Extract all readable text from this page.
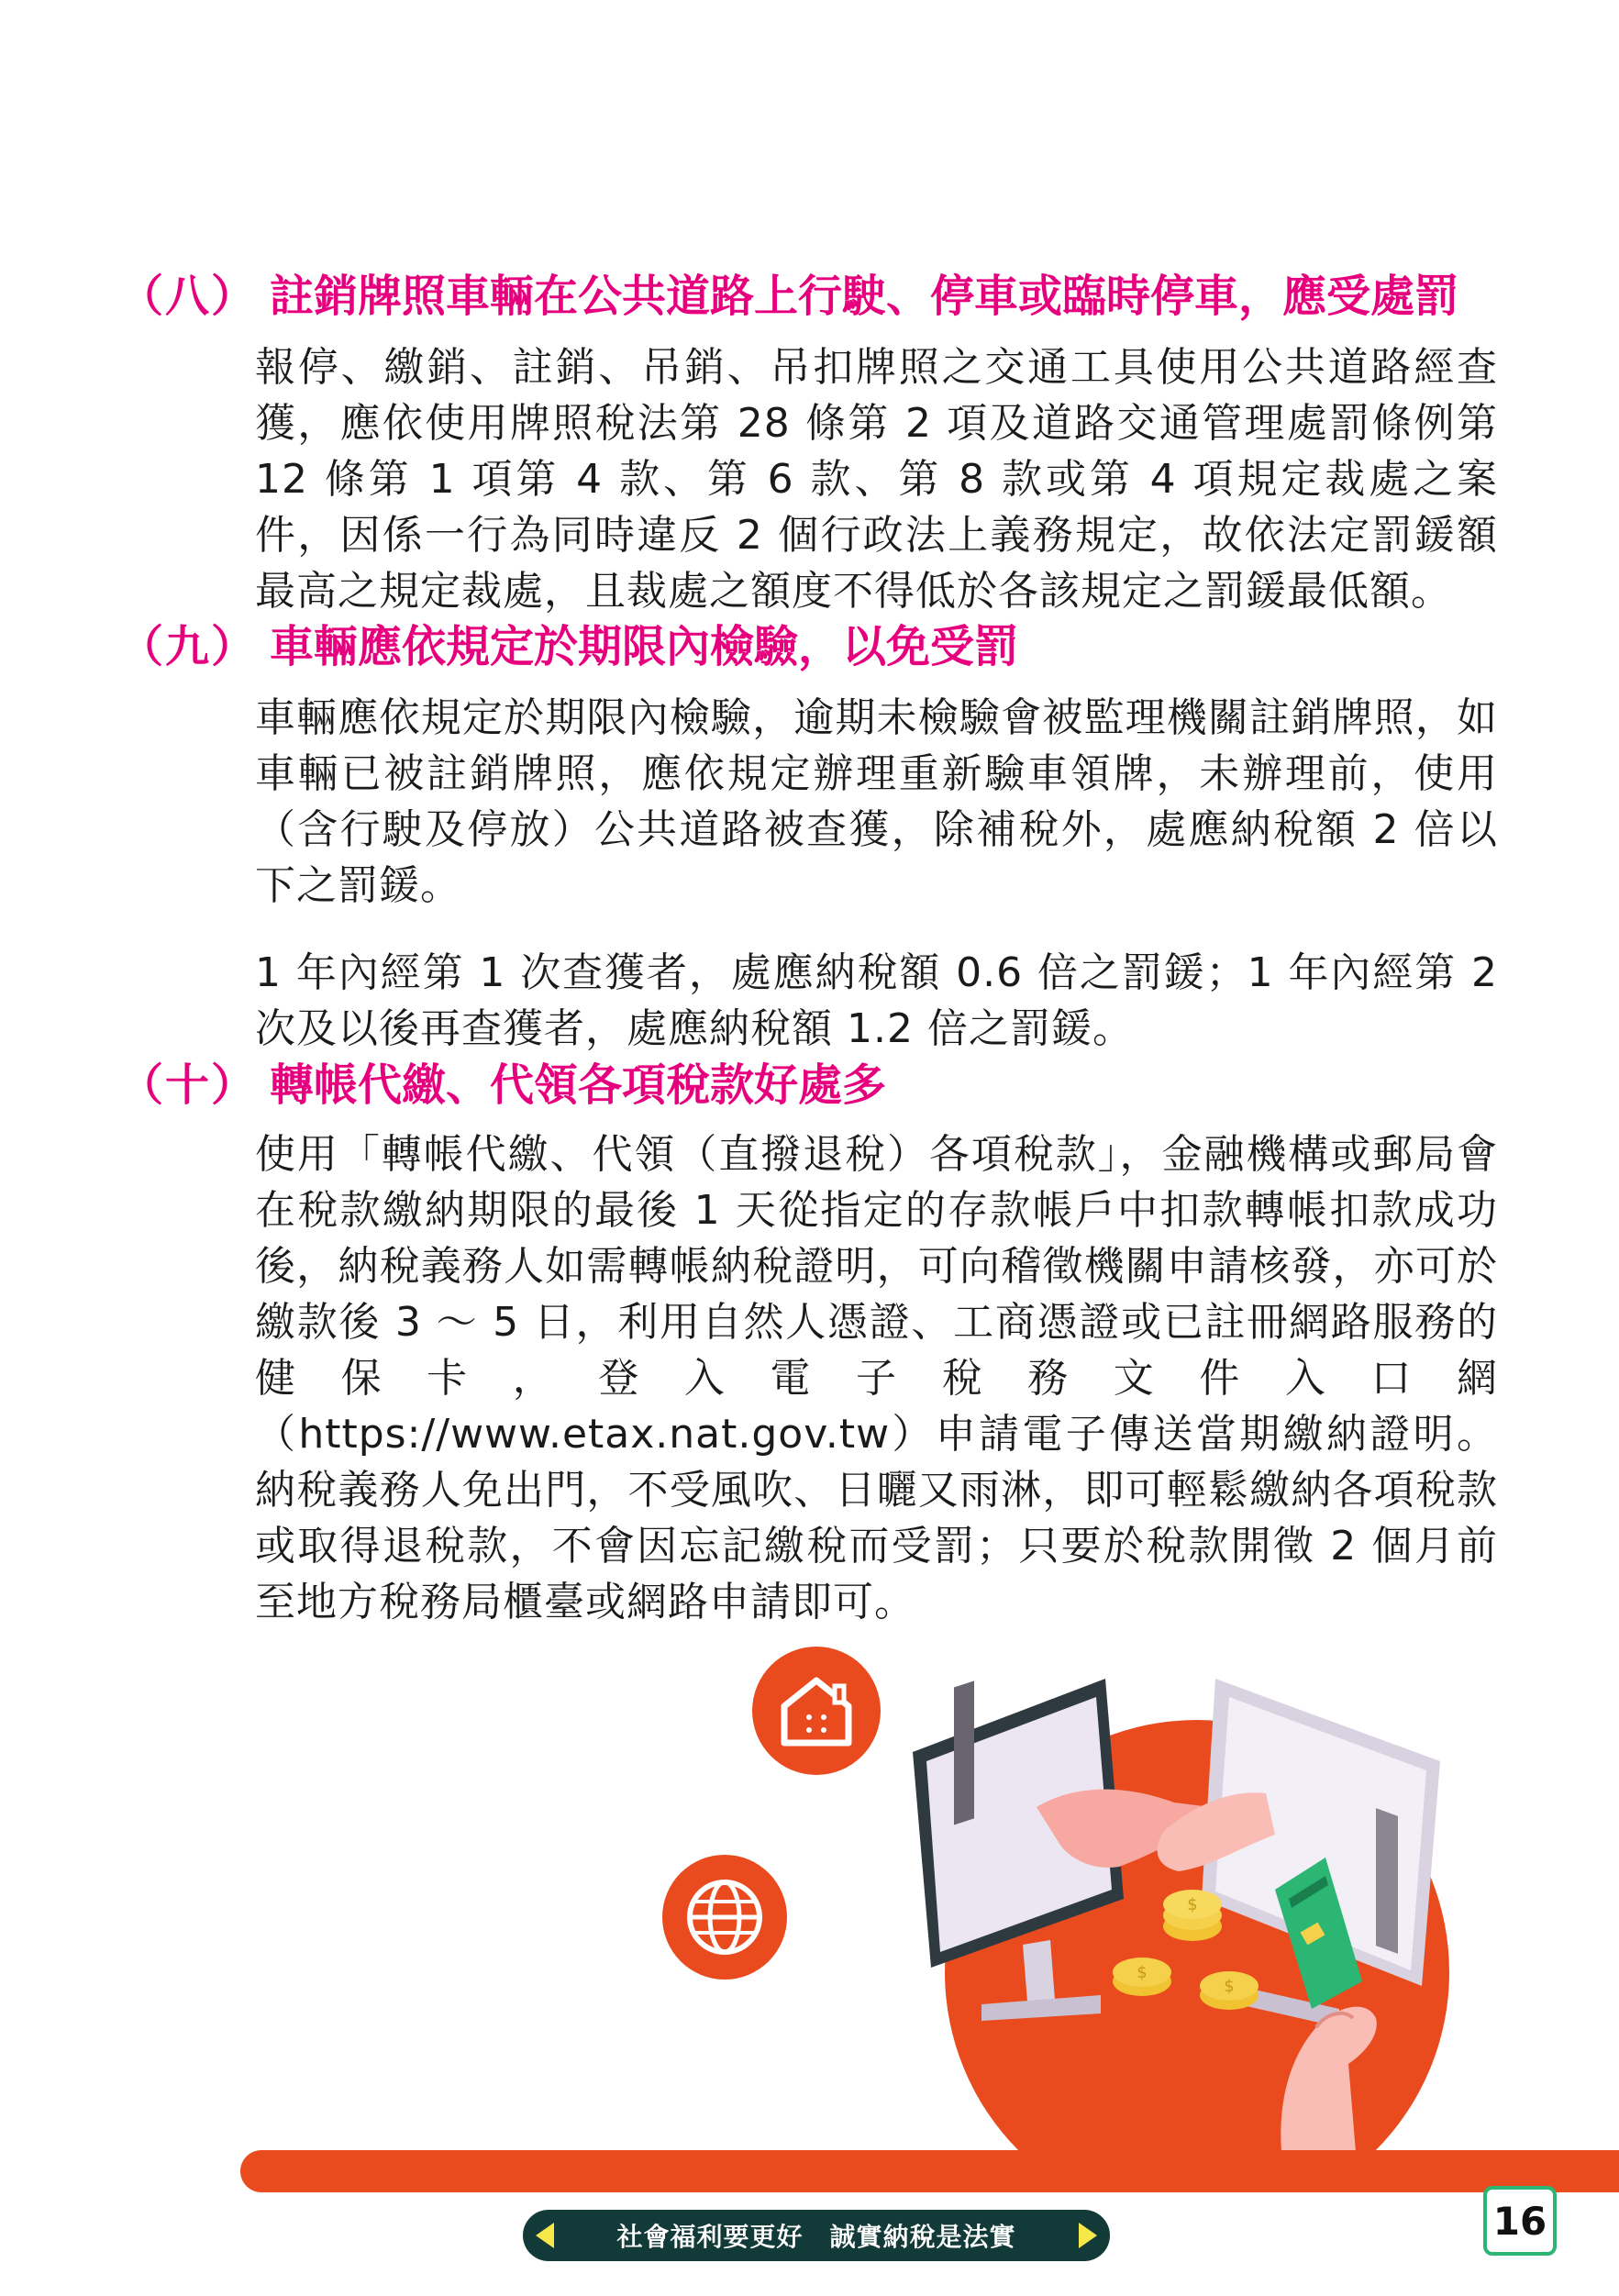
（八） 註銷牌照車輛在公共道路上行駛、停車或臨時停車，應受處罰
報停、繳銷、註銷、吊銷、吊扣牌照之交通工具使用公共道路經查獲，應依使用牌照稅法第 28 條第 2 項及道路交通管理處罰條例第 12 條第 1 項第 4 款、第 6 款、第 8 款或第 4 項規定裁處之案件，因係一行為同時違反 2 個行政法上義務規定，故依法定罰鍰額最高之規定裁處，且裁處之額度不得低於各該規定之罰鍰最低額。
（九） 車輛應依規定於期限內檢驗，以免受罰
車輛應依規定於期限內檢驗，逾期未檢驗會被監理機關註銷牌照，如車輛已被註銷牌照，應依規定辦理重新驗車領牌，未辦理前，使用（含行駛及停放）公共道路被查獲，除補稅外，處應納稅額 2 倍以下之罰鍰。
1 年內經第 1 次查獲者，處應納稅額 0.6 倍之罰鍰；1 年內經第 2 次及以後再查獲者，處應納稅額 1.2 倍之罰鍰。
（十） 轉帳代繳、代領各項稅款好處多
使用「轉帳代繳、代領（直撥退稅）各項稅款」，金融機構或郵局會在稅款繳納期限的最後 1 天從指定的存款帳戶中扣款轉帳扣款成功後，納稅義務人如需轉帳納稅證明，可向稽徵機關申請核發，亦可於繳款後 3 ～ 5 日，利用自然人憑證、工商憑證或已註冊網路服務的健保卡，登入電子稅務文件入口網（https://www.etax.nat.gov.tw）申請電子傳送當期繳納證明。納稅義務人免出門，不受風吹、日曬又雨淋，即可輕鬆繳納各項稅款或取得退稅款，不會因忘記繳稅而受罰；只要於稅款開徵 2 個月前至地方稅務局櫃臺或網路申請即可。
$
$
$
社會福利要更好　誠實納稅是法實	16
